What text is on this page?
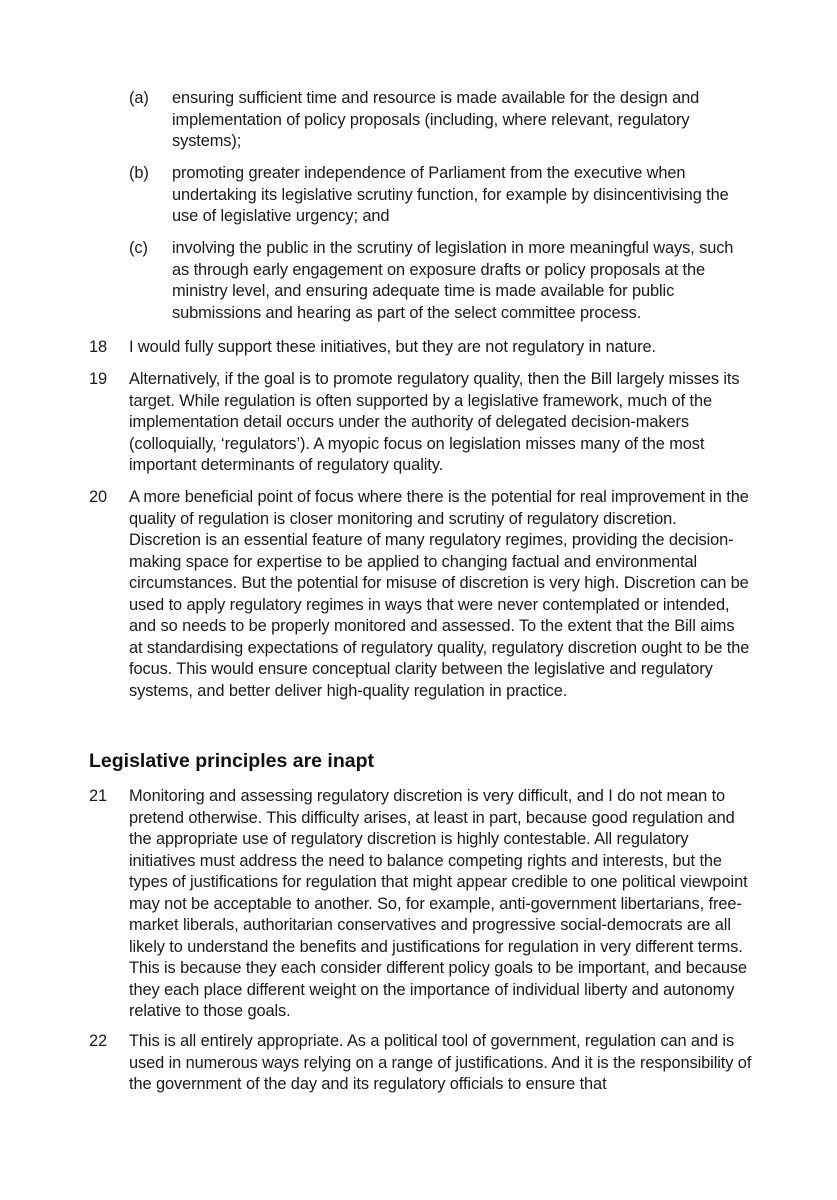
(a) ensuring sufficient time and resource is made available for the design and implementation of policy proposals (including, where relevant, regulatory systems);
(b) promoting greater independence of Parliament from the executive when undertaking its legislative scrutiny function, for example by disincentivising the use of legislative urgency; and
(c) involving the public in the scrutiny of legislation in more meaningful ways, such as through early engagement on exposure drafts or policy proposals at the ministry level, and ensuring adequate time is made available for public submissions and hearing as part of the select committee process.
18 I would fully support these initiatives, but they are not regulatory in nature.
19 Alternatively, if the goal is to promote regulatory quality, then the Bill largely misses its target. While regulation is often supported by a legislative framework, much of the implementation detail occurs under the authority of delegated decision-makers (colloquially, ‘regulators’). A myopic focus on legislation misses many of the most important determinants of regulatory quality.
20 A more beneficial point of focus where there is the potential for real improvement in the quality of regulation is closer monitoring and scrutiny of regulatory discretion. Discretion is an essential feature of many regulatory regimes, providing the decision-making space for expertise to be applied to changing factual and environmental circumstances. But the potential for misuse of discretion is very high. Discretion can be used to apply regulatory regimes in ways that were never contemplated or intended, and so needs to be properly monitored and assessed. To the extent that the Bill aims at standardising expectations of regulatory quality, regulatory discretion ought to be the focus. This would ensure conceptual clarity between the legislative and regulatory systems, and better deliver high-quality regulation in practice.
Legislative principles are inapt
21 Monitoring and assessing regulatory discretion is very difficult, and I do not mean to pretend otherwise. This difficulty arises, at least in part, because good regulation and the appropriate use of regulatory discretion is highly contestable. All regulatory initiatives must address the need to balance competing rights and interests, but the types of justifications for regulation that might appear credible to one political viewpoint may not be acceptable to another. So, for example, anti-government libertarians, free-market liberals, authoritarian conservatives and progressive social-democrats are all likely to understand the benefits and justifications for regulation in very different terms. This is because they each consider different policy goals to be important, and because they each place different weight on the importance of individual liberty and autonomy relative to those goals.
22 This is all entirely appropriate. As a political tool of government, regulation can and is used in numerous ways relying on a range of justifications. And it is the responsibility of the government of the day and its regulatory officials to ensure that
